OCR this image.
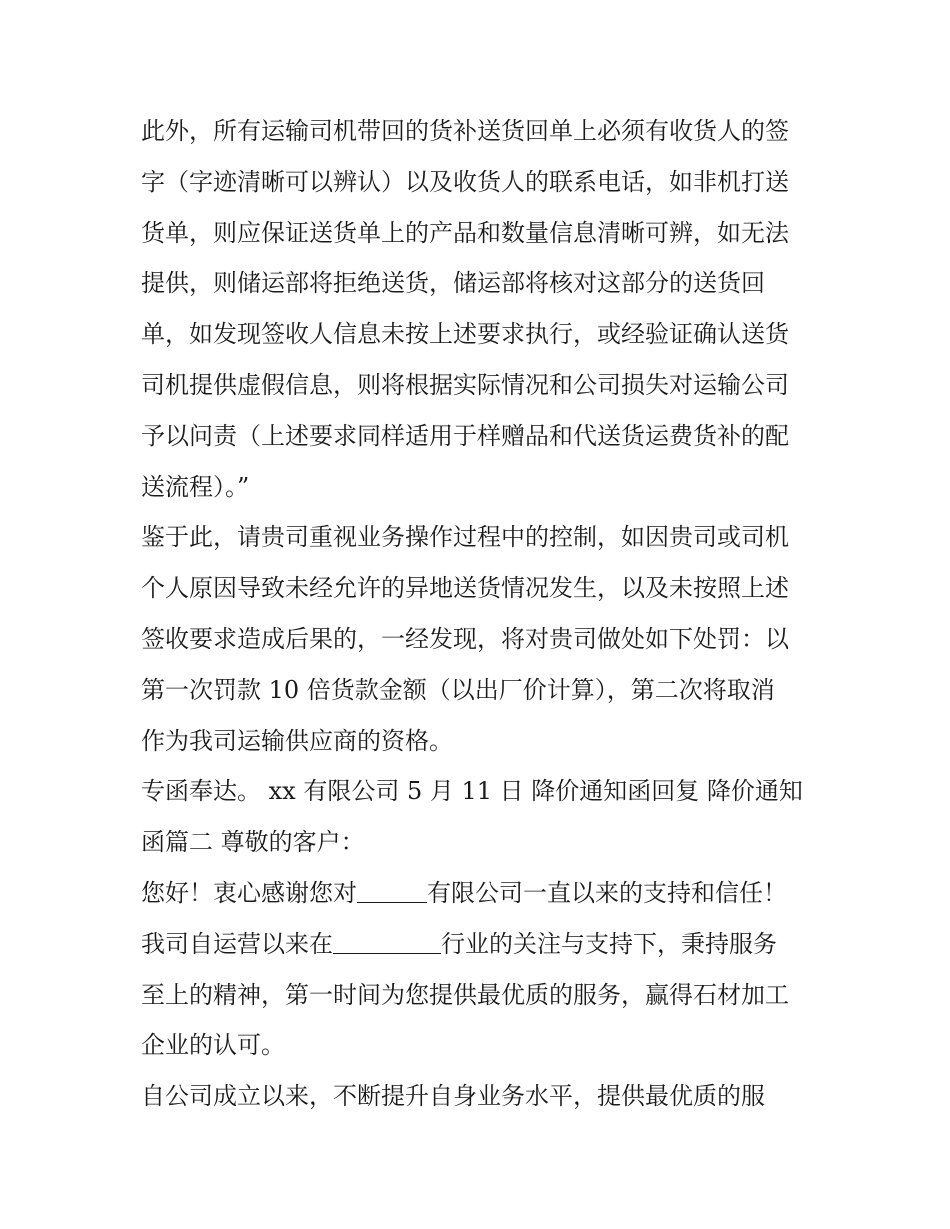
此外，所有运输司机带回的货补送货回单上必须有收货人的签
字（字迹清晰可以辨认）以及收货人的联系电话，如非机打送
货单，则应保证送货单上的产品和数量信息清晰可辨，如无法
提供，则储运部将拒绝送货，储运部将核对这部分的送货回
单，如发现签收人信息未按上述要求执行，或经验证确认送货
司机提供虚假信息，则将根据实际情况和公司损失对运输公司
予以问责（上述要求同样适用于样赠品和代送货运费货补的配
送流程）。”
鉴于此，请贵司重视业务操作过程中的控制，如因贵司或司机
个人原因导致未经允许的异地送货情况发生，以及未按照上述
签收要求造成后果的，一经发现，将对贵司做处如下处罚：以
第一次罚款 10 倍货款金额（以出厂价计算），第二次将取消
作为我司运输供应商的资格。
专函奉达。 xx 有限公司 5 月 11 日 降价通知函回复 降价通知
函篇二 尊敬的客户：
您好！衷心感谢您对	有限公司一直以来的支持和信任！
我司自运营以来在	行业的关注与支持下，秉持服务
至上的精神，第一时间为您提供最优质的服务，赢得石材加工
企业的认可。
自公司成立以来，不断提升自身业务水平，提供最优质的服
